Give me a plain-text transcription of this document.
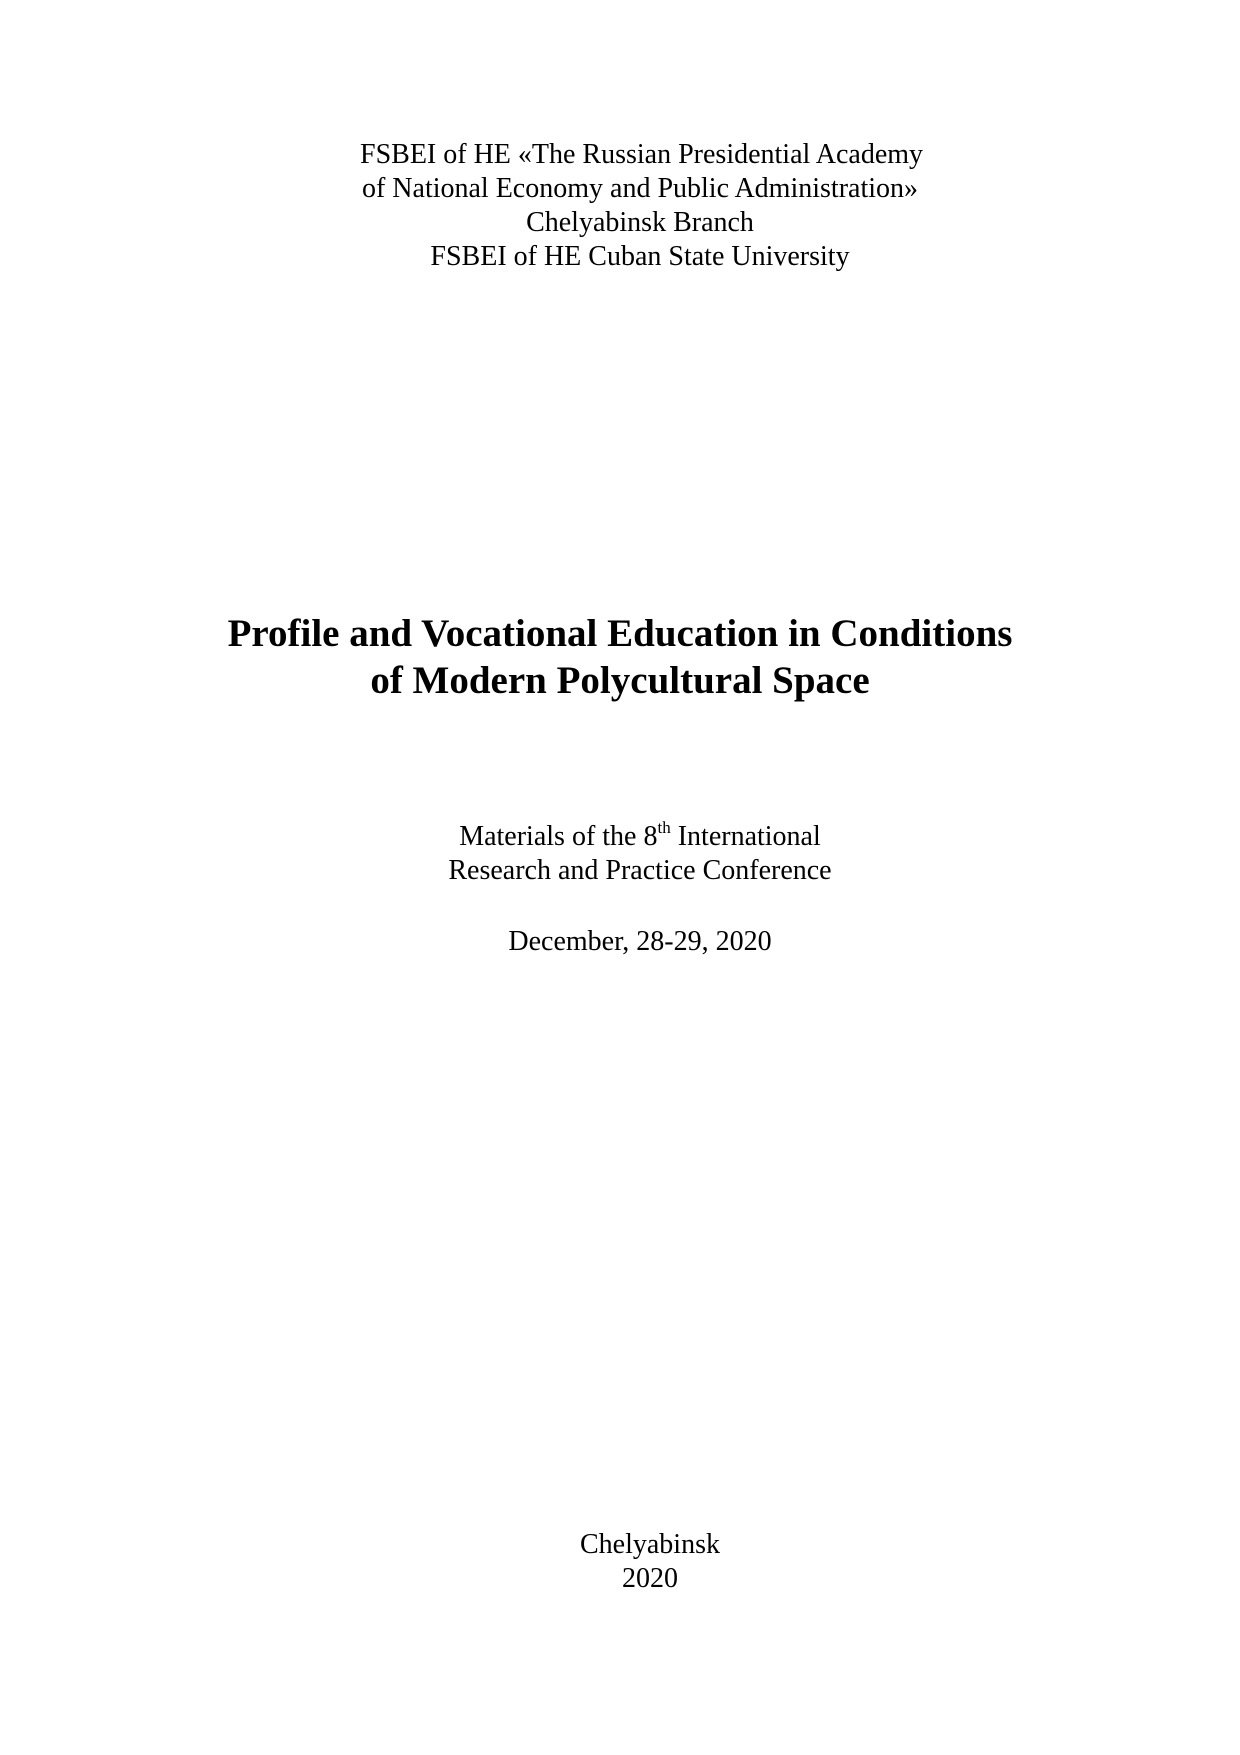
FSBEI of HE «The Russian Presidential Academy
of National Economy and Public Administration»
Chelyabinsk Branch
FSBEI of HE Cuban State University
Profile and Vocational Education in Conditions
of Modern Polycultural Space
Materials of the 8th International
Research and Practice Conference
December, 28-29, 2020
Chelyabinsk
2020
